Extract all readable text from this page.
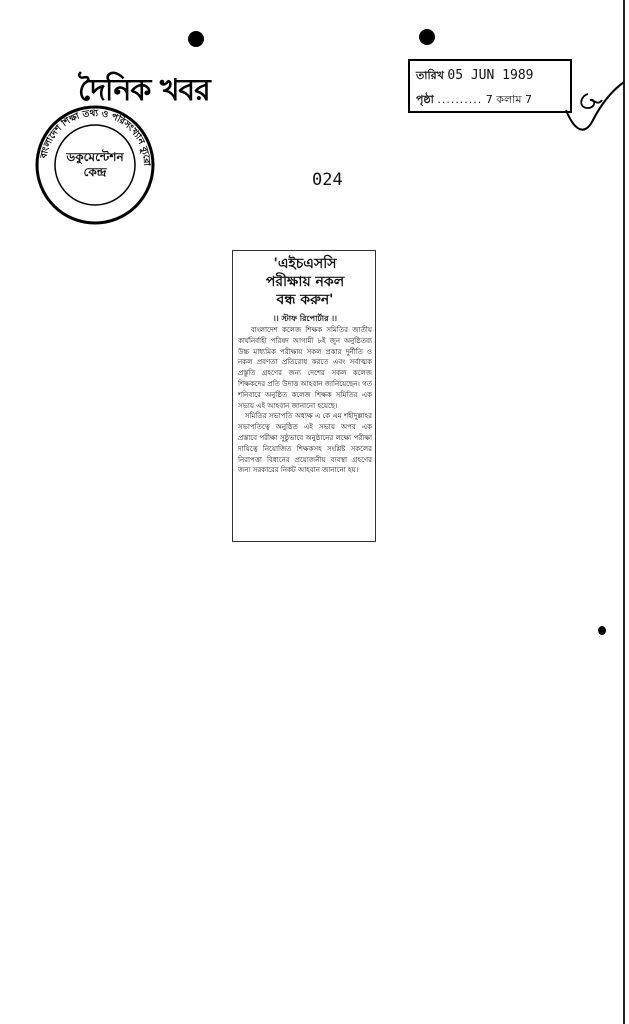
দৈনিক খবর
বাংলাদেশ শিক্ষা তথ্য ও পরিসংখ্যান ব্যুরো
ডকুমেন্টেশন
কেন্দ্র
তারিখ 05 JUN 1989
পৃষ্ঠা .......... 7 কলাম 7
024
'এইচএসসি
পরীক্ষায় নকল
বন্ধ করুন'
।। স্টাফ রিপোর্টার ।।
বাংলাদেশ কলেজ শিক্ষক সমিতির জাতীয় কার্যনির্বাহী পরিষদ আগামী ৮ই জুন অনুষ্ঠিতব্য উচ্চ মাধ্যমিক পরীক্ষায় সকল প্রকার দুর্নীতি ও নকল প্রবণতা প্রতিরোধ করতে এবং সর্বাত্মক প্রস্তুতি গ্রহণের জন্য দেশের সকল কলেজ শিক্ষকদের প্রতি উদাত্ত আহবান জানিয়েছেন। গত শনিবারে অনুষ্ঠিত কলেজ শিক্ষক সমিতির এক সভায় এই আহবান জানানো হয়েছে।
সমিতির সভাপতি অধ্যক্ষ এ কে এম শহীদুল্লাহর সভাপতিত্বে অনুষ্ঠিত এই সভায় অপর এক প্রস্তাবে পরীক্ষা সুষ্ঠুভাবে অনুষ্ঠানের লক্ষ্যে পরীক্ষা দায়িত্বে নিয়োজিত শিক্ষকসহ সংশ্লিষ্ট সকলের নিরাপত্তা বিধানের প্রয়োজনীয় ব্যবস্থা গ্রহণের জন্য সরকারের নিকট আহবান জানানো হয়।
